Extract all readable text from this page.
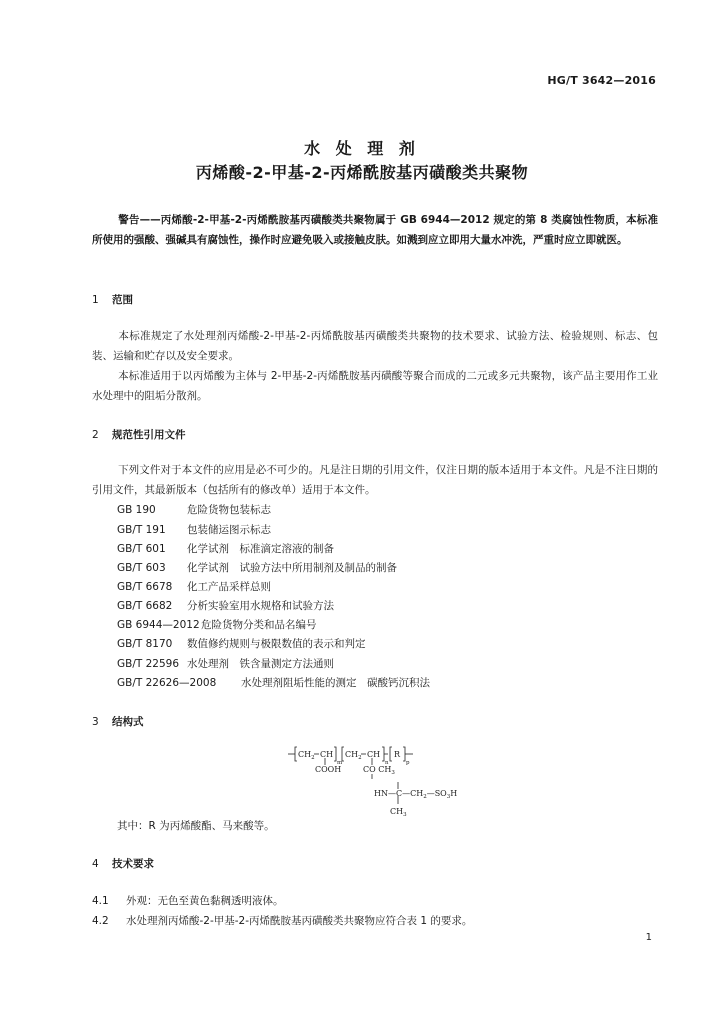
HG/T 3642—2016
水 处 理 剂
丙烯酸-2-甲基-2-丙烯酰胺基丙磺酸类共聚物
警告——丙烯酸-2-甲基-2-丙烯酰胺基丙磺酸类共聚物属于 GB 6944—2012 规定的第 8 类腐蚀性物质，本标准所使用的强酸、强碱具有腐蚀性，操作时应避免吸入或接触皮肤。如溅到应立即用大量水冲洗，严重时应立即就医。
1 范围
本标准规定了水处理剂丙烯酸-2-甲基-2-丙烯酰胺基丙磺酸类共聚物的技术要求、试验方法、检验规则、标志、包装、运输和贮存以及安全要求。
本标准适用于以丙烯酸为主体与 2-甲基-2-丙烯酰胺基丙磺酸等聚合而成的二元或多元共聚物，该产品主要用作工业水处理中的阻垢分散剂。
2 规范性引用文件
下列文件对于本文件的应用是必不可少的。凡是注日期的引用文件，仅注日期的版本适用于本文件。凡是不注日期的引用文件，其最新版本（包括所有的修改单）适用于本文件。
GB 190	危险货物包装标志
GB/T 191 包装储运图示标志
GB/T 601 化学试剂　标准滴定溶液的制备
GB/T 603 化学试剂　试验方法中所用制剂及制品的制备
GB/T 6678 化工产品采样总则
GB/T 6682 分析实验室用水规格和试验方法
GB 6944—2012危险货物分类和品名编号
GB/T 8170 数值修约规则与极限数值的表示和判定
GB/T 22596 水处理剂　铁含量测定方法通则
GB/T 22626—2008 水处理剂阻垢性能的测定　碳酸钙沉积法
3 结构式
$CH_2$ CH
m
$CH_2$ CH
n
R
p
COOH	CO $CH_3$
$HN—C—CH_2—SO_3H$
$CH_3$
其中：R 为丙烯酸酯、马来酸等。
4 技术要求
4.1 外观：无色至黄色黏稠透明液体。
4.2 水处理剂丙烯酸-2-甲基-2-丙烯酰胺基丙磺酸类共聚物应符合表 1 的要求。
1
